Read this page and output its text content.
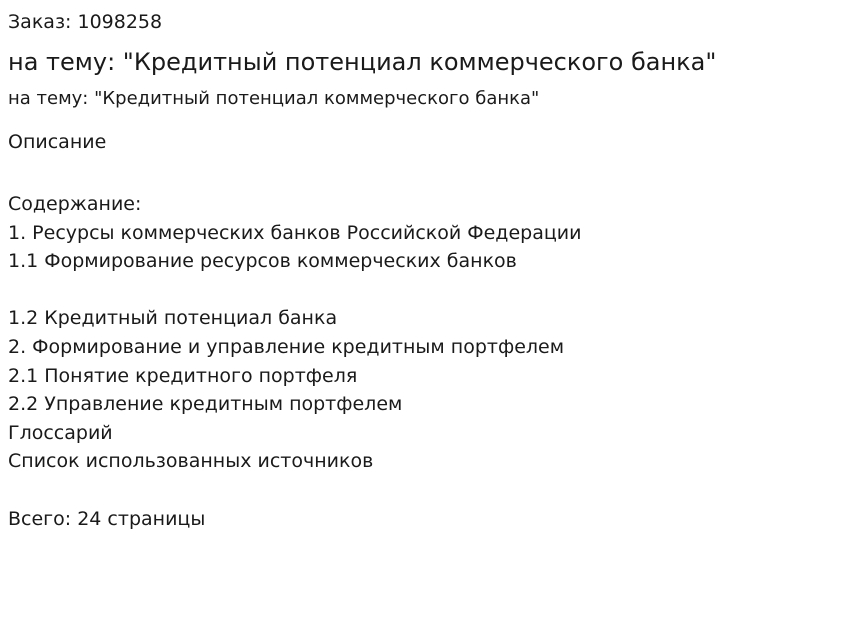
Заказ: 1098258
на тему: "Кредитный потенциал коммерческого банка"
на тему: "Кредитный потенциал коммерческого банка"
Описание
Содержание:
1. Ресурсы коммерческих банков Российской Федерации
1.1 Формирование ресурсов коммерческих банков
1.2 Кредитный потенциал банка
2. Формирование и управление кредитным портфелем
2.1 Понятие кредитного портфеля
2.2 Управление кредитным портфелем
Глоссарий
Список использованных источников
Всего: 24 страницы
